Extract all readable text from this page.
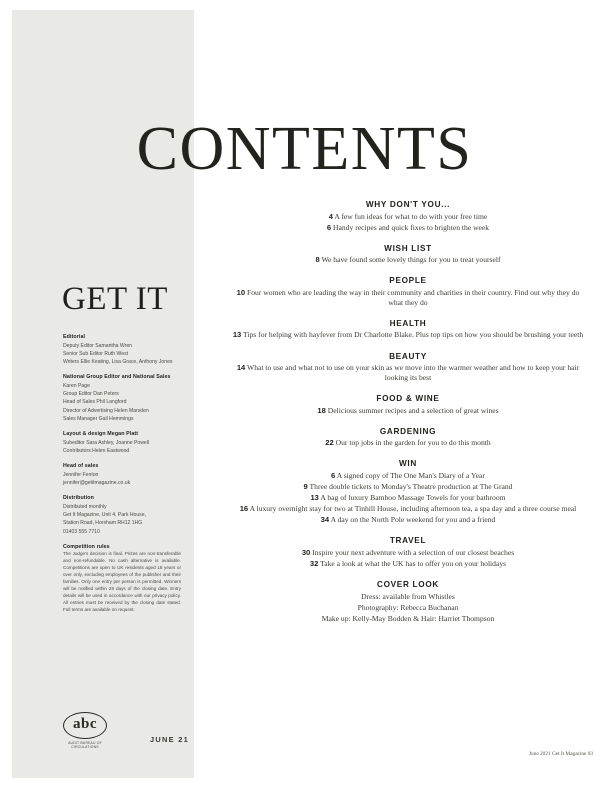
GET IT
Editorial
Deputy Editor Samantha Wren
Senior Sub Editor Ruth West
Writers Ellie Keating, Lisa Grace, Anthony Jones
National Group Editor and National Sales
Karen Page
Group Editor Dan Peters
Head of Sales Phil Langford
Director of Advertising Helen Marsden
Sales Manager Gail Hemmings
Layout & design Megan Platt
Subeditor Sara Ashley, Joanne Powell
Contributors Helen Eastwood
Head of sales
Jennifer Fenton
jennifer@getitmagazine.co.uk
Distribution
Distributed monthly
Get It Magazine, Unit 4, Park House,
Station Road, Horsham RH12 1HG
01403 555 7710
Competition rules
The Judge's decision is final. Prizes are non-transferable and non-refundable. No cash alternative is available. Competitions are open to UK residents aged 18 years or over only, excluding employees of the publisher and their families. Only one entry per person is permitted. Winners will be notified within 28 days of the closing date. Entry details will be used in accordance with our privacy policy. All entries must be received by the closing date stated. Full terms are available on request.
abc
AUDIT BUREAU OF CIRCULATIONS
JUNE 21
CONTENTS
WHY DON'T YOU...
4 A few fun ideas for what to do with your free time
6 Handy recipes and quick fixes to brighten the week
WISH LIST
8 We have found some lovely things for you to treat yourself
PEOPLE
10 Four women who are leading the way in their community and charities in their country. Find out why they do what they do
HEALTH
13 Tips for helping with hayfever from Dr Charlotte Blake. Plus top tips on how you should be brushing your teeth
BEAUTY
14 What to use and what not to use on your skin as we move into the warmer weather and how to keep your hair looking its best
FOOD & WINE
18 Delicious summer recipes and a selection of great wines
GARDENING
22 Our top jobs in the garden for you to do this month
WIN
6 A signed copy of The One Man's Diary of a Year
9 Three double tickets to Monday's Theatre production at The Grand
13 A bag of luxury Bamboo Massage Towels for your bathroom
16 A luxury overnight stay for two at Tinhill House, including afternoon tea, a spa day and a three course meal
34 A day on the North Pole weekend for you and a friend
TRAVEL
30 Inspire your next adventure with a selection of our closest beaches
32 Take a look at what the UK has to offer you on your holidays
COVER LOOK
Dress: available from Whistles
Photography: Rebecca Buchanan
Make up: Kelly-May Bodden & Hair: Harriet Thompson
June 2021 Get It Magazine 03
